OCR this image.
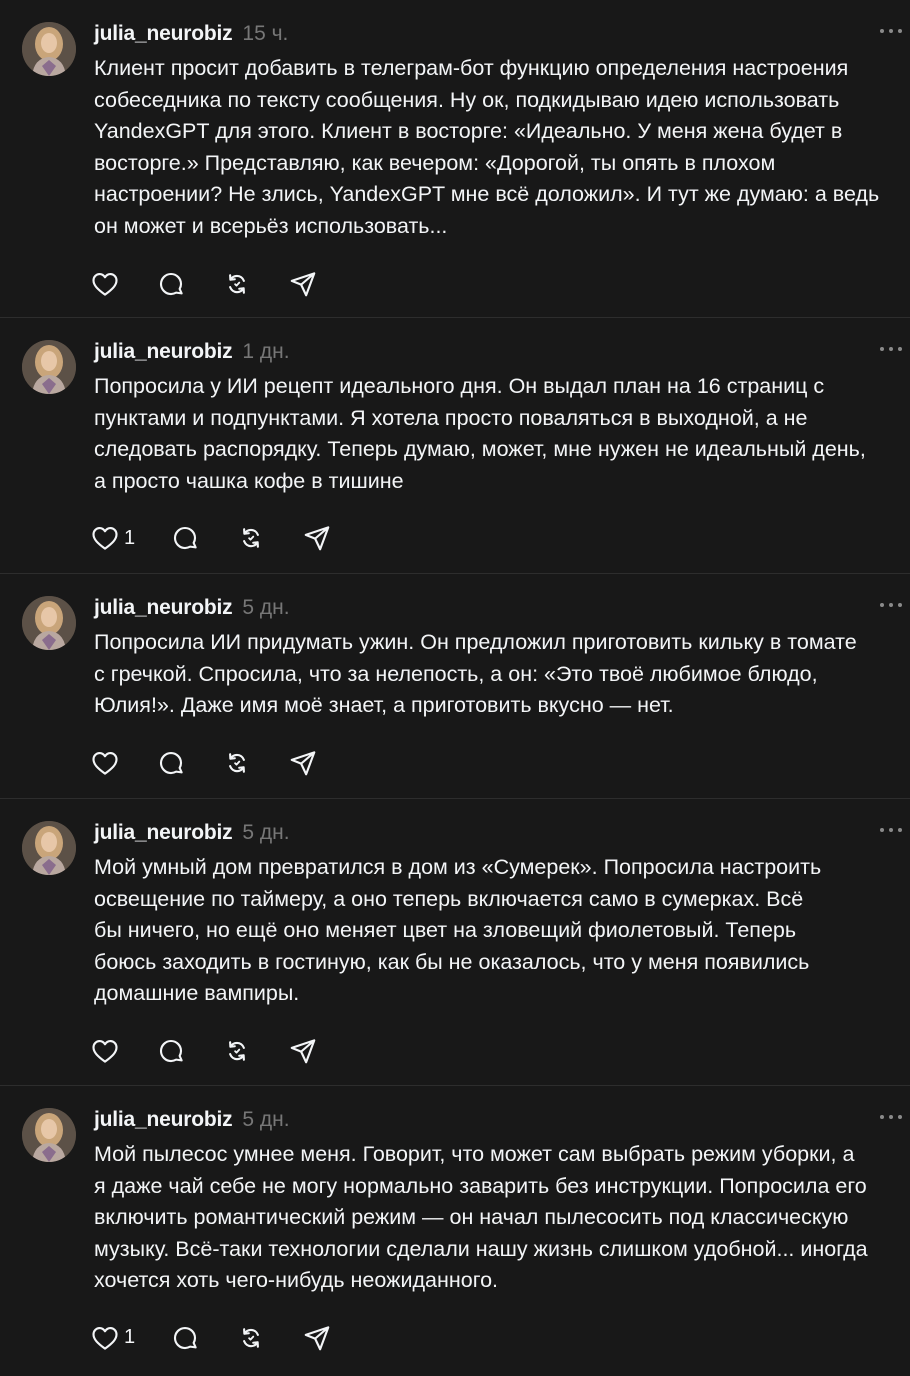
julia_neurobiz 15 ч.
Клиент просит добавить в телеграм-бот функцию определения настроения
собеседника по тексту сообщения. Ну ок, подкидываю идею использовать
YandexGPT для этого. Клиент в восторге: «Идеально. У меня жена будет в
восторге.» Представляю, как вечером: «Дорогой, ты опять в плохом
настроении? Не злись, YandexGPT мне всё доложил». И тут же думаю: а ведь
он может и всерьёз использовать...
julia_neurobiz 1 дн.
Попросила у ИИ рецепт идеального дня. Он выдал план на 16 страниц с
пунктами и подпунктами. Я хотела просто поваляться в выходной, а не
следовать распорядку. Теперь думаю, может, мне нужен не идеальный день,
а просто чашка кофе в тишине
1
julia_neurobiz 5 дн.
Попросила ИИ придумать ужин. Он предложил приготовить кильку в томате
с гречкой. Спросила, что за нелепость, а он: «Это твоё любимое блюдо,
Юлия!». Даже имя моё знает, а приготовить вкусно — нет.
julia_neurobiz 5 дн.
Мой умный дом превратился в дом из «Сумерек». Попросила настроить
освещение по таймеру, а оно теперь включается само в сумерках. Всё
бы ничего, но ещё оно меняет цвет на зловещий фиолетовый. Теперь
боюсь заходить в гостиную, как бы не оказалось, что у меня появились
домашние вампиры.
julia_neurobiz 5 дн.
Мой пылесос умнее меня. Говорит, что может сам выбрать режим уборки, а
я даже чай себе не могу нормально заварить без инструкции. Попросила его
включить романтический режим — он начал пылесосить под классическую
музыку. Всё-таки технологии сделали нашу жизнь слишком удобной... иногда
хочется хоть чего-нибудь неожиданного.
1
